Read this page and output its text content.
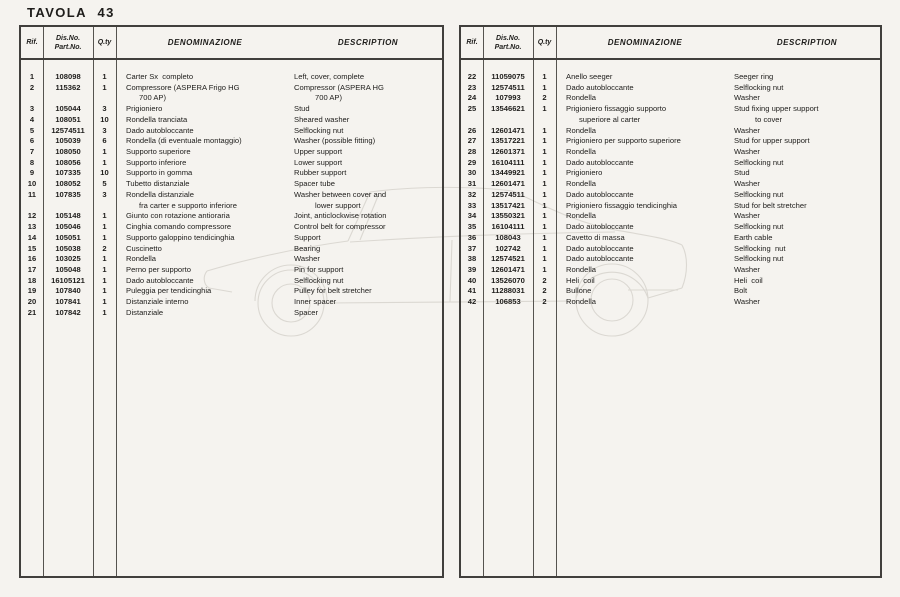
TAVOLA 43
Rif.
Dis.No.
Part.No.
Q.ty	DENOMINAZIONE	DESCRIPTION
1	108098	1	Carter Sx  completo	Left, cover, complete
2	115362	1	Compressore (ASPERA Frigo HG	Compressor (ASPERA HG
700 AP)	700 AP)
3	105044	3	Prigioniero	Stud
4	108051	10	Rondella tranciata	Sheared washer
5	12574511	3	Dado autobloccante	Selflocking nut
6	105039	6	Rondella (di eventuale montaggio)	Washer (possible fitting)
7	108050	1	Supporto superiore	Upper support
8	108056	1	Supporto inferiore	Lower support
9	107335	10	Supporto in gomma	Rubber support
10	108052	5	Tubetto distanziale	Spacer tube
11	107835	3	Rondella distanziale	Washer between cover and
fra carter e supporto inferiore	lower support
12	105148	1	Giunto con rotazione antioraria	Joint, anticlockwise rotation
13	105046	1	Cinghia comando compressore	Control belt for compressor
14	105051	1	Supporto galoppino tendicinghia	Support
15	105038	2	Cuscinetto	Bearing
16	103025	1	Rondella	Washer
17	105048	1	Perno per supporto	Pin for support
18	16105121	1	Dado autobloccante	Selflocking nut
19	107840	1	Puleggia per tendicinghia	Pulley for belt stretcher
20	107841	1	Distanziale interno	Inner spacer
21	107842	1	Distanziale	Spacer
Rif.
Dis.No.
Part.No.
Q.ty	DENOMINAZIONE	DESCRIPTION
22	11059075	1	Anello seeger	Seeger ring
23	12574511	1	Dado autobloccante	Selflocking nut
24	107993	2	Rondella	Washer
25	13546621	1	Prigioniero fissaggio supporto	Stud fixing upper support
superiore al carter	to cover
26	12601471	1	Rondella	Washer
27	13517221	1	Prigioniero per supporto superiore	Stud for upper support
28	12601371	1	Rondella	Washer
29	16104111	1	Dado autobloccante	Selflocking nut
30	13449921	1	Prigioniero	Stud
31	12601471	1	Rondella	Washer
32	12574511	1	Dado autobloccante	Selflocking nut
33	13517421	1	Prigioniero fissaggio tendicinghia	Stud for belt stretcher
34	13550321	1	Rondella	Washer
35	16104111	1	Dado autobloccante	Selflocking nut
36	108043	1	Cavetto di massa	Earth cable
37	102742	1	Dado autobloccante	Selflocking  nut
38	12574521	1	Dado autobloccante	Selflocking nut
39	12601471	1	Rondella	Washer
40	13526070	2	Heli  coil	Heli  coil
41	11288031	2	Bullone	Bolt
42	106853	2	Rondella	Washer
